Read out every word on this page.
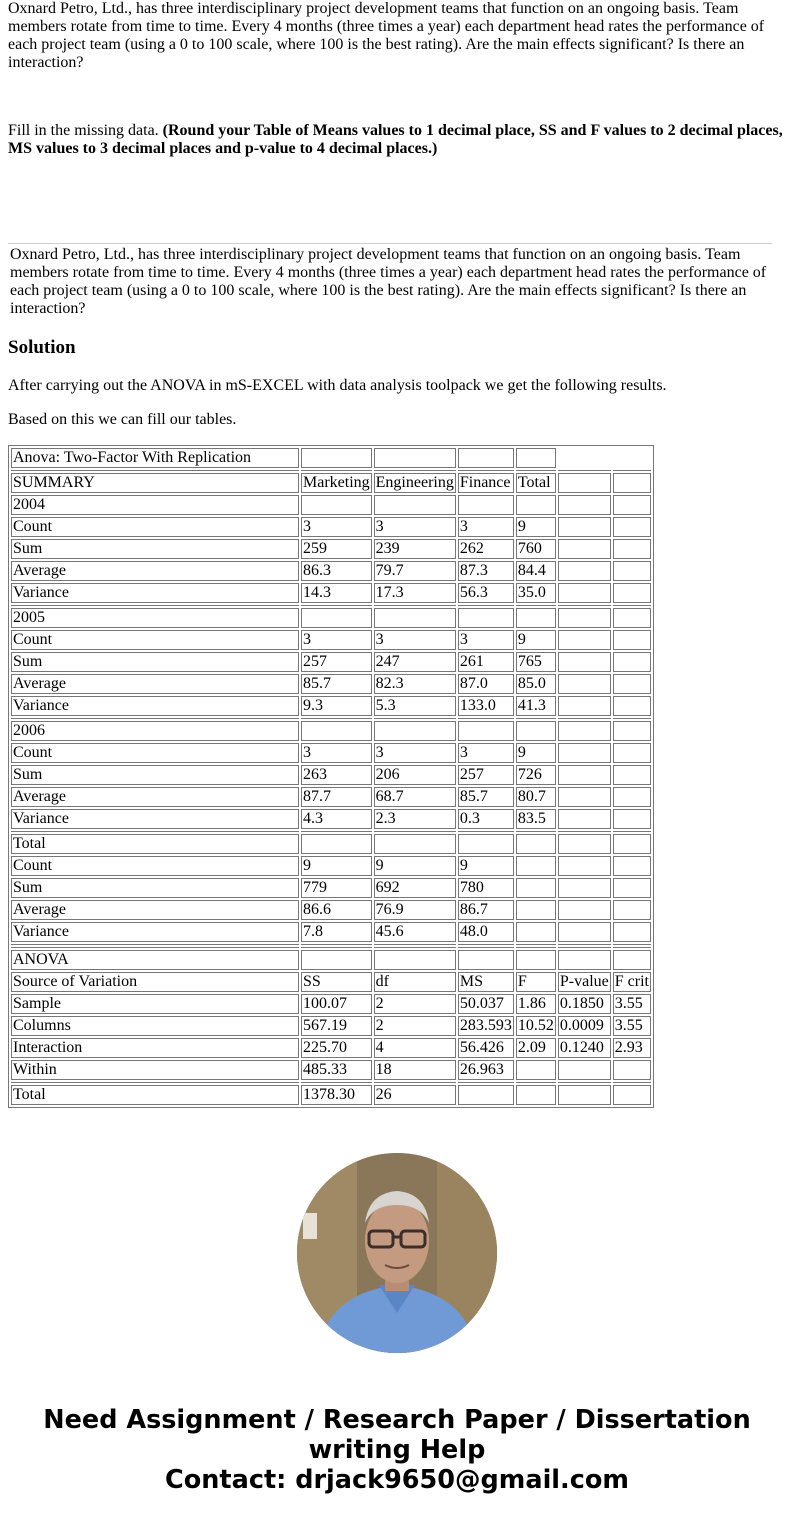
Oxnard Petro, Ltd., has three interdisciplinary project development teams that function on an ongoing basis. Team members rotate from time to time. Every 4 months (three times a year) each department head rates the performance of each project team (using a 0 to 100 scale, where 100 is the best rating). Are the main effects significant? Is there an interaction?

Fill in the missing data. (Round your Table of Means values to 1 decimal place, SS and F values to 2 decimal places, MS values to 3 decimal places and p-value to 4 decimal places.)

Oxnard Petro, Ltd., has three interdisciplinary project development teams that function on an ongoing basis. Team members rotate from time to time. Every 4 months (three times a year) each department head rates the performance of each project team (using a 0 to 100 scale, where 100 is the best rating). Are the main effects significant? Is there an interaction?
Solution

After carrying out the ANOVA in mS-EXCEL with data analysis toolpack we get the following results.

Based on this we can fill our tables.

Anova: Two-Factor With Replication						

SUMMARY	Marketing	Engineering	Finance	Total		
2004						
Count	3	3	3	9		
Sum	259	239	262	760		
Average	86.3	79.7	87.3	84.4		
Variance	14.3	17.3	56.3	35.0		

2005						
Count	3	3	3	9		
Sum	257	247	261	765		
Average	85.7	82.3	87.0	85.0		
Variance	9.3	5.3	133.0	41.3		

2006						
Count	3	3	3	9		
Sum	263	206	257	726		
Average	87.7	68.7	85.7	80.7		
Variance	4.3	2.3	0.3	83.5		

Total						
Count	9	9	9			
Sum	779	692	780			
Average	86.6	76.9	86.7			
Variance	7.8	45.6	48.0			

ANOVA						
Source of Variation	SS	df	MS	F	P-value	F crit
Sample	100.07	2	50.037	1.86	0.1850	3.55
Columns	567.19	2	283.593	10.52	0.0009	3.55
Interaction	225.70	4	56.426	2.09	0.1240	2.93
Within	485.33	18	26.963			

Total	1378.30	26				
Need Assignment / Research Paper / Dissertation
writing Help
Contact: drjack9650@gmail.com
